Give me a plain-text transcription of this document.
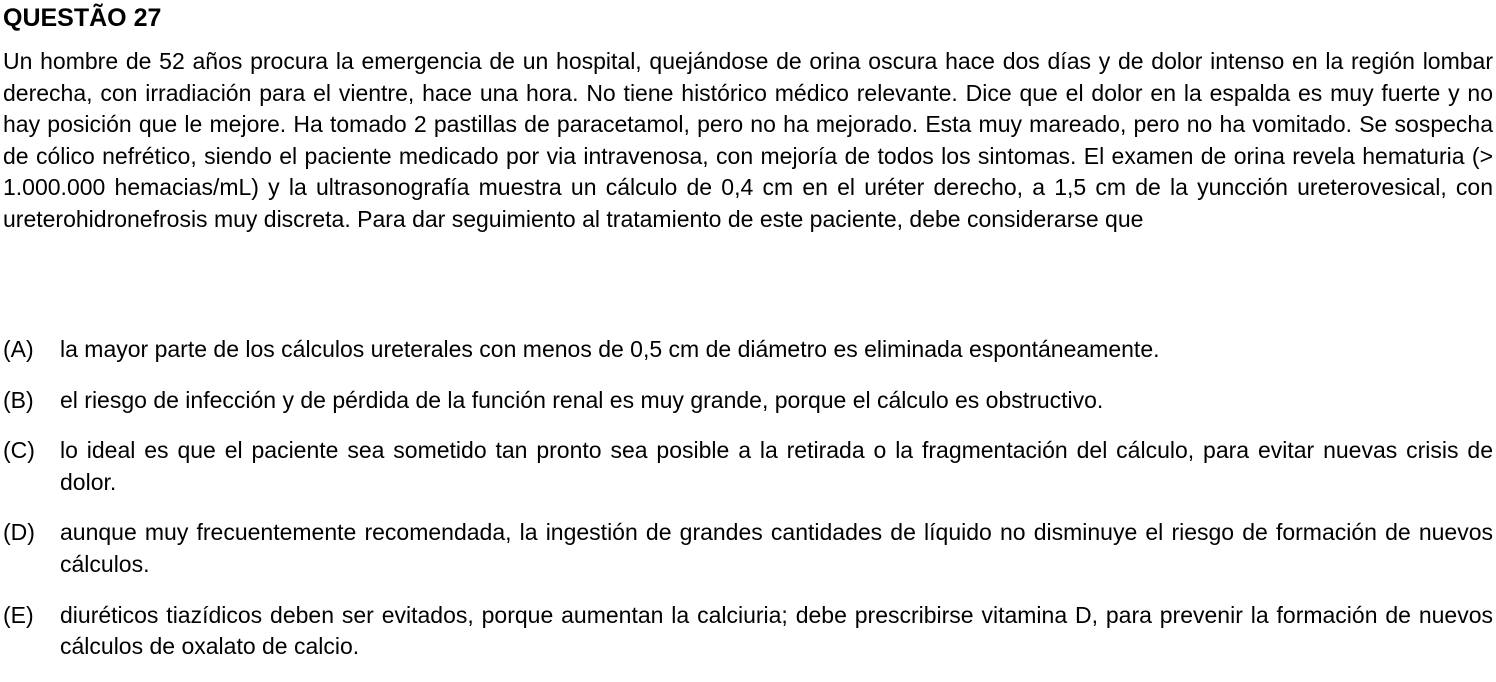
QUESTÃO 27
Un hombre de 52 años procura la emergencia de un hospital, quejándose de orina oscura hace dos días y de dolor intenso en la región lombar derecha, con irradiación para el vientre, hace una hora. No tiene histórico médico relevante. Dice que el dolor en la espalda es muy fuerte y no hay posición que le mejore. Ha tomado 2 pastillas de paracetamol, pero no ha mejorado. Esta muy mareado, pero no ha vomitado. Se sospecha de cólico nefrético, siendo el paciente medicado por via intravenosa, con mejoría de todos los sintomas. El examen de orina revela hematuria (> 1.000.000 hemacias/mL) y la ultrasonografía muestra un cálculo de 0,4 cm en el uréter derecho, a 1,5 cm de la yuncción ureterovesical, con ureterohidronefrosis muy discreta. Para dar seguimiento al tratamiento de este paciente, debe considerarse que
(A)	la mayor parte de los cálculos ureterales con menos de 0,5 cm de diámetro es eliminada espontáneamente.
(B)	el riesgo de infección y de pérdida de la función renal es muy grande, porque el cálculo es obstructivo.
(C)	lo ideal es que el paciente sea sometido tan pronto sea posible a la retirada o la fragmentación del cálculo, para evitar nuevas crisis de dolor.
(D)	aunque muy frecuentemente recomendada, la ingestión de grandes cantidades de líquido no disminuye el riesgo de formación de nuevos cálculos.
(E)	diuréticos tiazídicos deben ser evitados, porque aumentan la calciuria; debe prescribirse vitamina D, para prevenir la formación de nuevos cálculos de oxalato de calcio.
